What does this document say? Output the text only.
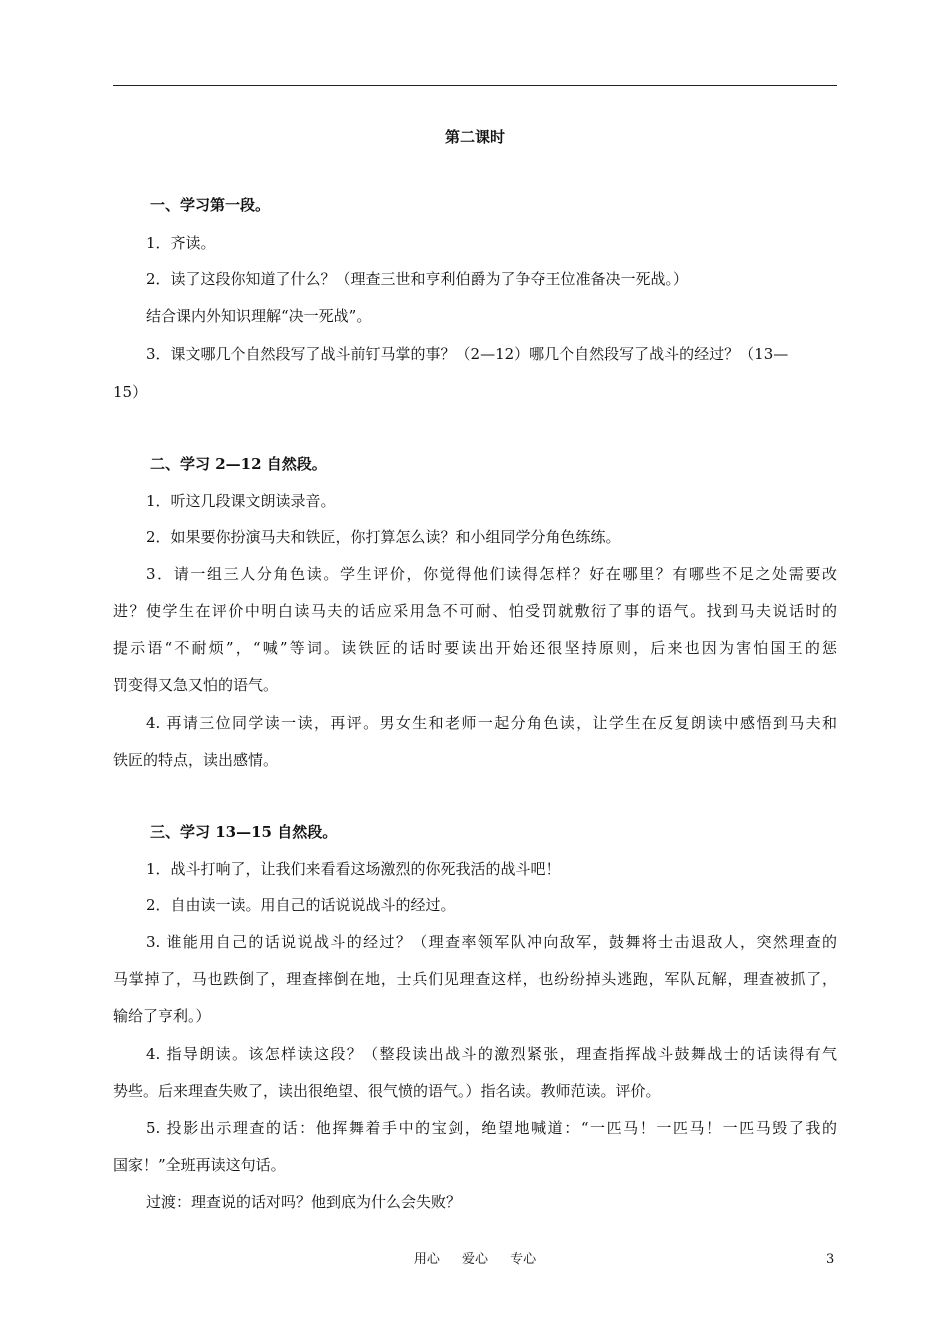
第二课时
一、学习第一段。
1．齐读。
2．读了这段你知道了什么？（理查三世和亨利伯爵为了争夺王位准备决一死战。）
结合课内外知识理解“决一死战”。
3．课文哪几个自然段写了战斗前钉马掌的事？（2—12）哪几个自然段写了战斗的经过？（13—
15）
二、学习 2—12 自然段。
1．听这几段课文朗读录音。
2．如果要你扮演马夫和铁匠，你打算怎么读？和小组同学分角色练练。
3．请一组三人分角色读。学生评价，你觉得他们读得怎样？好在哪里？有哪些不足之处需要改
进？使学生在评价中明白读马夫的话应采用急不可耐、怕受罚就敷衍了事的语气。找到马夫说话时的
提示语“不耐烦”，“喊”等词。读铁匠的话时要读出开始还很坚持原则，后来也因为害怕国王的惩
罚变得又急又怕的语气。
4. 再请三位同学读一读，再评。男女生和老师一起分角色读，让学生在反复朗读中感悟到马夫和
铁匠的特点，读出感情。
三、学习 13—15 自然段。
1．战斗打响了，让我们来看看这场激烈的你死我活的战斗吧！
2．自由读一读。用自己的话说说战斗的经过。
3. 谁能用自己的话说说战斗的经过？（理查率领军队冲向敌军，鼓舞将士击退敌人，突然理查的
马掌掉了，马也跌倒了，理查摔倒在地，士兵们见理查这样，也纷纷掉头逃跑，军队瓦解，理查被抓了，
输给了亨利。）
4. 指导朗读。该怎样读这段？（整段读出战斗的激烈紧张，理查指挥战斗鼓舞战士的话读得有气
势些。后来理查失败了，读出很绝望、很气愤的语气。）指名读。教师范读。评价。
5. 投影出示理查的话：他挥舞着手中的宝剑，绝望地喊道：“一匹马！一匹马！一匹马毁了我的
国家！”全班再读这句话。
过渡：理查说的话对吗？他到底为什么会失败？
用心 爱心 专心	3
